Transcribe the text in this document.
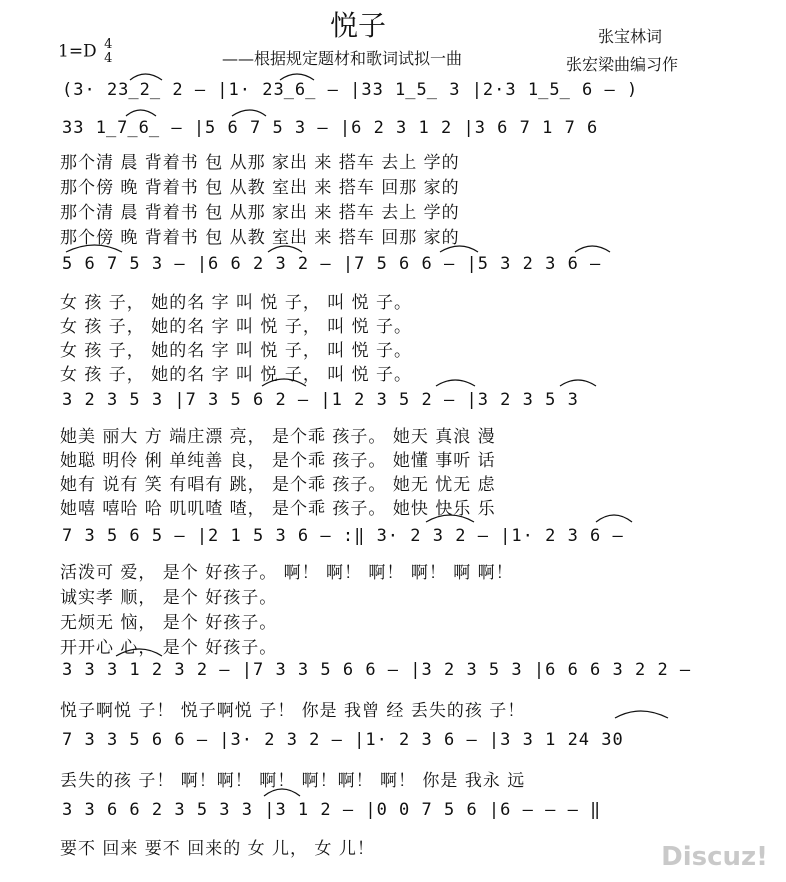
悦子
1=D 4
4	——根据规定题材和歌词试拟一曲
张宝林词
张宏梁曲编习作
(3· 23̲2̲ 2 – |1· 23̲6̲ – |33 1̲5̲ 3 |2·3 1̲5̲ 6 – )
33 1̲7̲6̲ – |5 6 7 5 3 – |6 2 3 1 2 |3 6 7 1 7 6
那个清 晨 背着书 包 从那 家出 来 搭车 去上 学的
那个傍 晚 背着书 包 从教 室出 来 搭车 回那 家的
那个清 晨 背着书 包 从那 家出 来 搭车 去上 学的
那个傍 晚 背着书 包 从教 室出 来 搭车 回那 家的
5 6 7 5 3 – |6 6 2 3 2 – |7 5 6 6 – |5 3 2 3 6 –
女 孩 子， 她的名 字 叫 悦 子， 叫 悦 子。
女 孩 子， 她的名 字 叫 悦 子， 叫 悦 子。
女 孩 子， 她的名 字 叫 悦 子， 叫 悦 子。
女 孩 子， 她的名 字 叫 悦 子， 叫 悦 子。
3 2 3 5 3 |7 3 5 6 2 – |1 2 3 5 2 – |3 2 3 5 3
她美 丽大 方 端庄漂 亮， 是个乖 孩子。 她天 真浪 漫
她聪 明伶 俐 单纯善 良， 是个乖 孩子。 她懂 事听 话
她有 说有 笑 有唱有 跳， 是个乖 孩子。 她无 忧无 虑
她嘻 嘻哈 哈 叽叽喳 喳， 是个乖 孩子。 她快 快乐 乐
7 3 5 6 5 – |2 1 5 3 6 – :‖ 3· 2 3 2 – |1· 2 3 6 –
活泼可 爱， 是个 好孩子。 啊！ 啊！ 啊！ 啊！ 啊 啊！
诚实孝 顺， 是个 好孩子。
无烦无 恼， 是个 好孩子。
开开心 心， 是个 好孩子。
3 3 3 1 2 3 2 – |7 3 3 5 6 6 – |3 2 3 5 3 |6 6 6 3 2 2 –
悦子啊悦 子！ 悦子啊悦 子！ 你是 我曾 经 丢失的孩 子！
7 3 3 5 6 6 – |3· 2 3 2 – |1· 2 3 6 – |3 3 1 24 30
丢失的孩 子！ 啊！啊！ 啊！ 啊！啊！ 啊！ 你是 我永 远
3 3 6 6 2 3 5 3 3 |3 1 2 – |0 0 7 5 6 |6 – – – ‖
要不 回来 要不 回来的 女 儿， 女 儿！	Discuz!
